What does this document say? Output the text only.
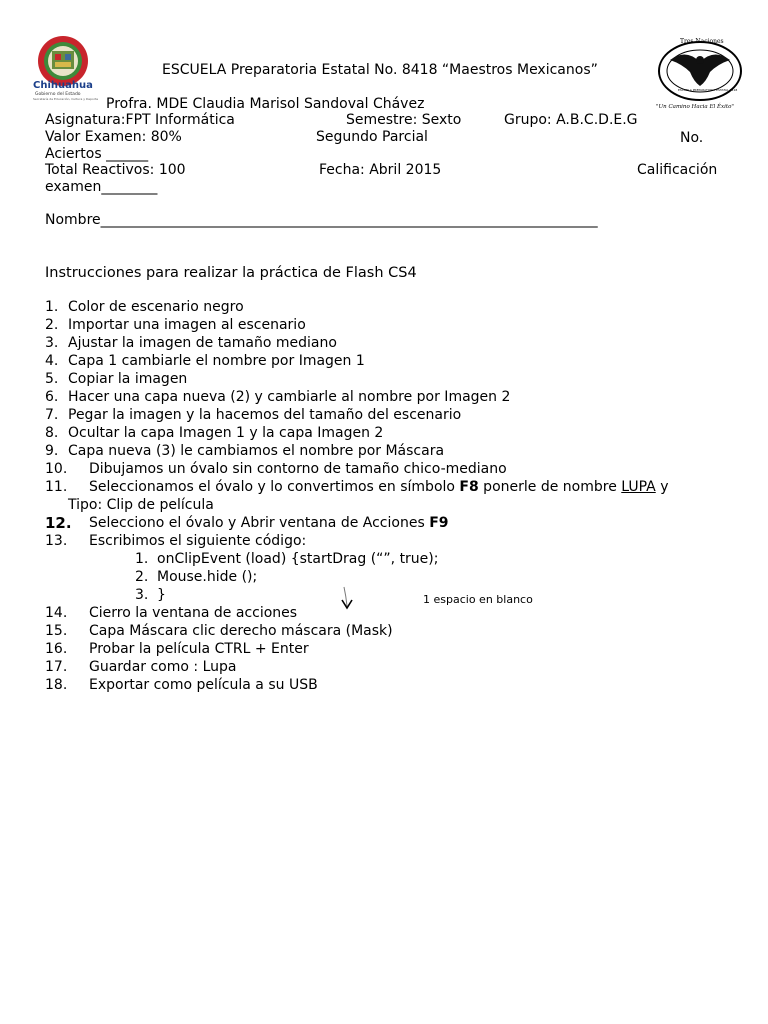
Chihuahua
Gobierno del Estado
Secretaría de Educación, Cultura y Deporte
Tres Naciones
ESCUELA PREPARATORIA ESTATAL 8418
"Un Camino Hacia El Éxito"
ESCUELA Preparatoria Estatal No. 8418 “Maestros Mexicanos”
Profra. MDE Claudia Marisol Sandoval Chávez
Asignatura:FPT Informática	Semestre: Sexto	Grupo: A.B.C.D.E.G
Valor Examen: 80%	Segundo Parcial	No.
Aciertos ______
Total Reactivos: 100	Fecha: Abril 2015	Calificación
examen________
Nombre_______________________________________________________________________
Instrucciones para realizar la práctica de Flash CS4
1. Color de escenario negro
2. Importar una imagen al escenario
3. Ajustar la imagen de tamaño mediano
4. Capa 1 cambiarle el nombre por Imagen 1
5. Copiar la imagen
6. Hacer una capa nueva (2) y cambiarle al nombre por Imagen 2
7. Pegar la imagen y la hacemos del tamaño del escenario
8. Ocultar la capa Imagen 1 y la capa Imagen 2
9. Capa nueva (3) le cambiamos el nombre por Máscara
10. Dibujamos un óvalo sin contorno de tamaño chico-mediano
11. Seleccionamos el óvalo y lo convertimos en símbolo F8 ponerle de nombre LUPA y
Tipo: Clip de película
12. Selecciono el óvalo y Abrir ventana de Acciones F9
13. Escribimos el siguiente código:
1. onClipEvent (load) {startDrag (“”, true);
2. Mouse.hide ();
3. }
14. Cierro la ventana de acciones
15. Capa Máscara clic derecho máscara (Mask)
16. Probar la película CTRL + Enter
17. Guardar como : Lupa
18. Exportar como película a su USB
1 espacio en blanco
